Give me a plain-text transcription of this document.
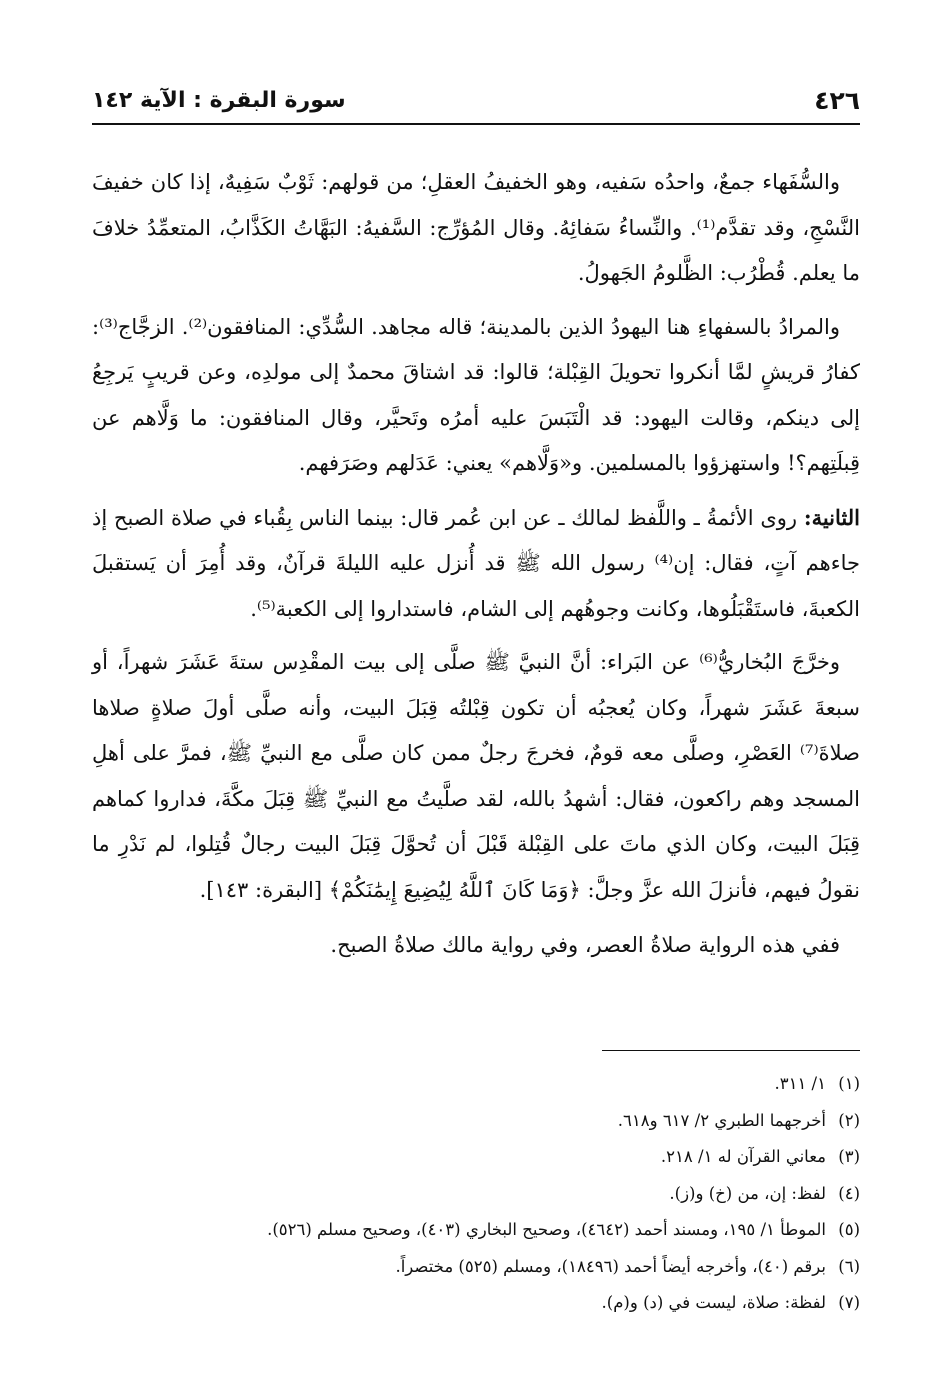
٤٢٦
سورة البقرة : الآية ١٤٢

والسُّفَهاء جمعٌ، واحدُه سَفيه، وهو الخفيفُ العقلِ؛ من قولهم: ثَوْبٌ سَفِيهٌ، إذا كان خفيفَ النَّسْجِ، وقد تقدَّم⁽¹⁾. والنِّساءُ سَفائِهُ. وقال المُؤرِّج: السَّفيهُ: البَهَّاتُ الكَذَّابُ، المتعمِّدُ خلافَ ما يعلم. قُطْرُب: الظَّلومُ الجَهولُ.

والمرادُ بالسفهاءِ هنا اليهودُ الذين بالمدينة؛ قاله مجاهد. السُّدِّي: المنافقون⁽²⁾. الزجَّاج⁽³⁾: كفارُ قريشٍ لمَّا أنكروا تحويلَ القِبْلة؛ قالوا: قد اشتاقَ محمدٌ إلى مولدِه، وعن قريبٍ يَرجِعُ إلى دينكم، وقالت اليهود: قد الْتَبَسَ عليه أمرُه وتَحيَّر، وقال المنافقون: ما وَلَّاهم عن قِبلَتِهم؟! واستهزؤوا بالمسلمين. و«وَلَّاهم» يعني: عَدَلهم وصَرَفهم.

الثانية: روى الأئمةُ ـ واللَّفظ لمالك ـ عن ابن عُمر قال: بينما الناس بِقُباء في صلاة الصبح إذ جاءهم آتٍ، فقال: إن⁽⁴⁾ رسول الله ﷺ قد أُنزل عليه الليلةَ قرآنٌ، وقد أُمِرَ أن يَستقبلَ الكعبةَ، فاستَقْبَلُوها، وكانت وجوهُهم إلى الشام، فاستداروا إلى الكعبة⁽⁵⁾.

وخرَّجَ البُخاريُّ⁽⁶⁾ عن البَراء: أنَّ النبيَّ ﷺ صلَّى إلى بيت المقْدِس ستةَ عَشَرَ شهراً، أو سبعةَ عَشَرَ شهراً، وكان يُعجبُه أن تكون قِبْلتُه قِبَلَ البيت، وأنه صلَّى أولَ صلاةٍ صلاها صلاةَ⁽⁷⁾ العَصْرِ، وصلَّى معه قومٌ، فخرجَ رجلٌ ممن كان صلَّى مع النبيِّ ﷺ، فمرَّ على أهلِ المسجد وهم راكعون، فقال: أشهدُ بالله، لقد صلَّيتُ مع النبيِّ ﷺ قِبَلَ مكَّةَ، فداروا كماهم قِبَلَ البيت، وكان الذي ماتَ على القِبْلة قَبْلَ أن تُحوَّلَ قِبَلَ البيت رجالٌ قُتِلوا، لم نَدْرِ ما نقولُ فيهم، فأنزلَ الله عزَّ وجلَّ: ﴿وَمَا كَانَ ٱللَّهُ لِيُضِيعَ إِيمَٰنَكُمْ﴾ [البقرة: ١٤٣].

ففي هذه الرواية صلاةُ العصر، وفي رواية مالك صلاةُ الصبح.

(١)١/ ٣١١.

(٢)أخرجهما الطبري ٢/ ٦١٧ و٦١٨.

(٣)معاني القرآن له ١/ ٢١٨.

(٤)لفظ: إن، من (خ) و(ز).

(٥)الموطأ ١/ ١٩٥، ومسند أحمد (٤٦٤٢)، وصحيح البخاري (٤٠٣)، وصحيح مسلم (٥٢٦).

(٦)برقم (٤٠)، وأخرجه أيضاً أحمد (١٨٤٩٦)، ومسلم (٥٢٥) مختصراً.

(٧)لفظة: صلاة، ليست في (د) و(م).
